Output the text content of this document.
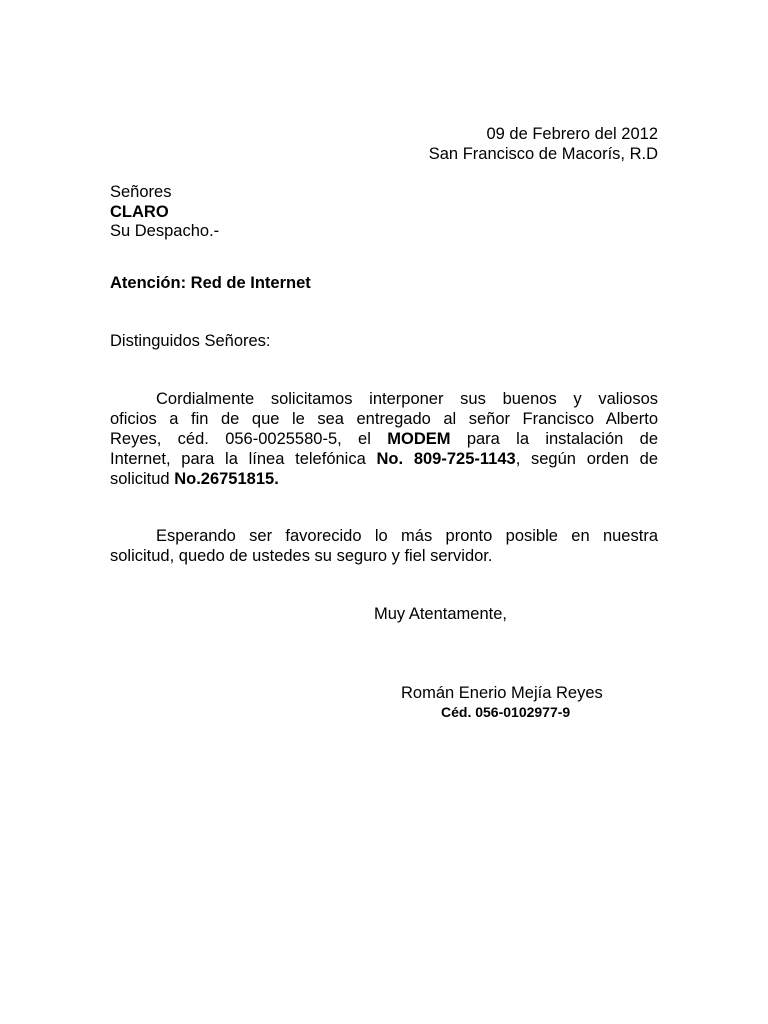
09 de Febrero del 2012
San Francisco de Macorís, R.D
Señores
CLARO
Su Despacho.-
Atención: Red de Internet
Distinguidos Señores:
Cordialmente solicitamos interponer sus buenos y valiosos
oficios a fin de que le sea entregado al señor Francisco Alberto
Reyes, céd. 056-0025580-5, el MODEM para la instalación de
Internet, para la línea telefónica No. 809-725-1143, según orden de
solicitud No.26751815.
Esperando ser favorecido lo más pronto posible en nuestra
solicitud, quedo de ustedes su seguro y fiel servidor.
Muy Atentamente,
Román Enerio Mejía Reyes
Céd. 056-0102977-9
